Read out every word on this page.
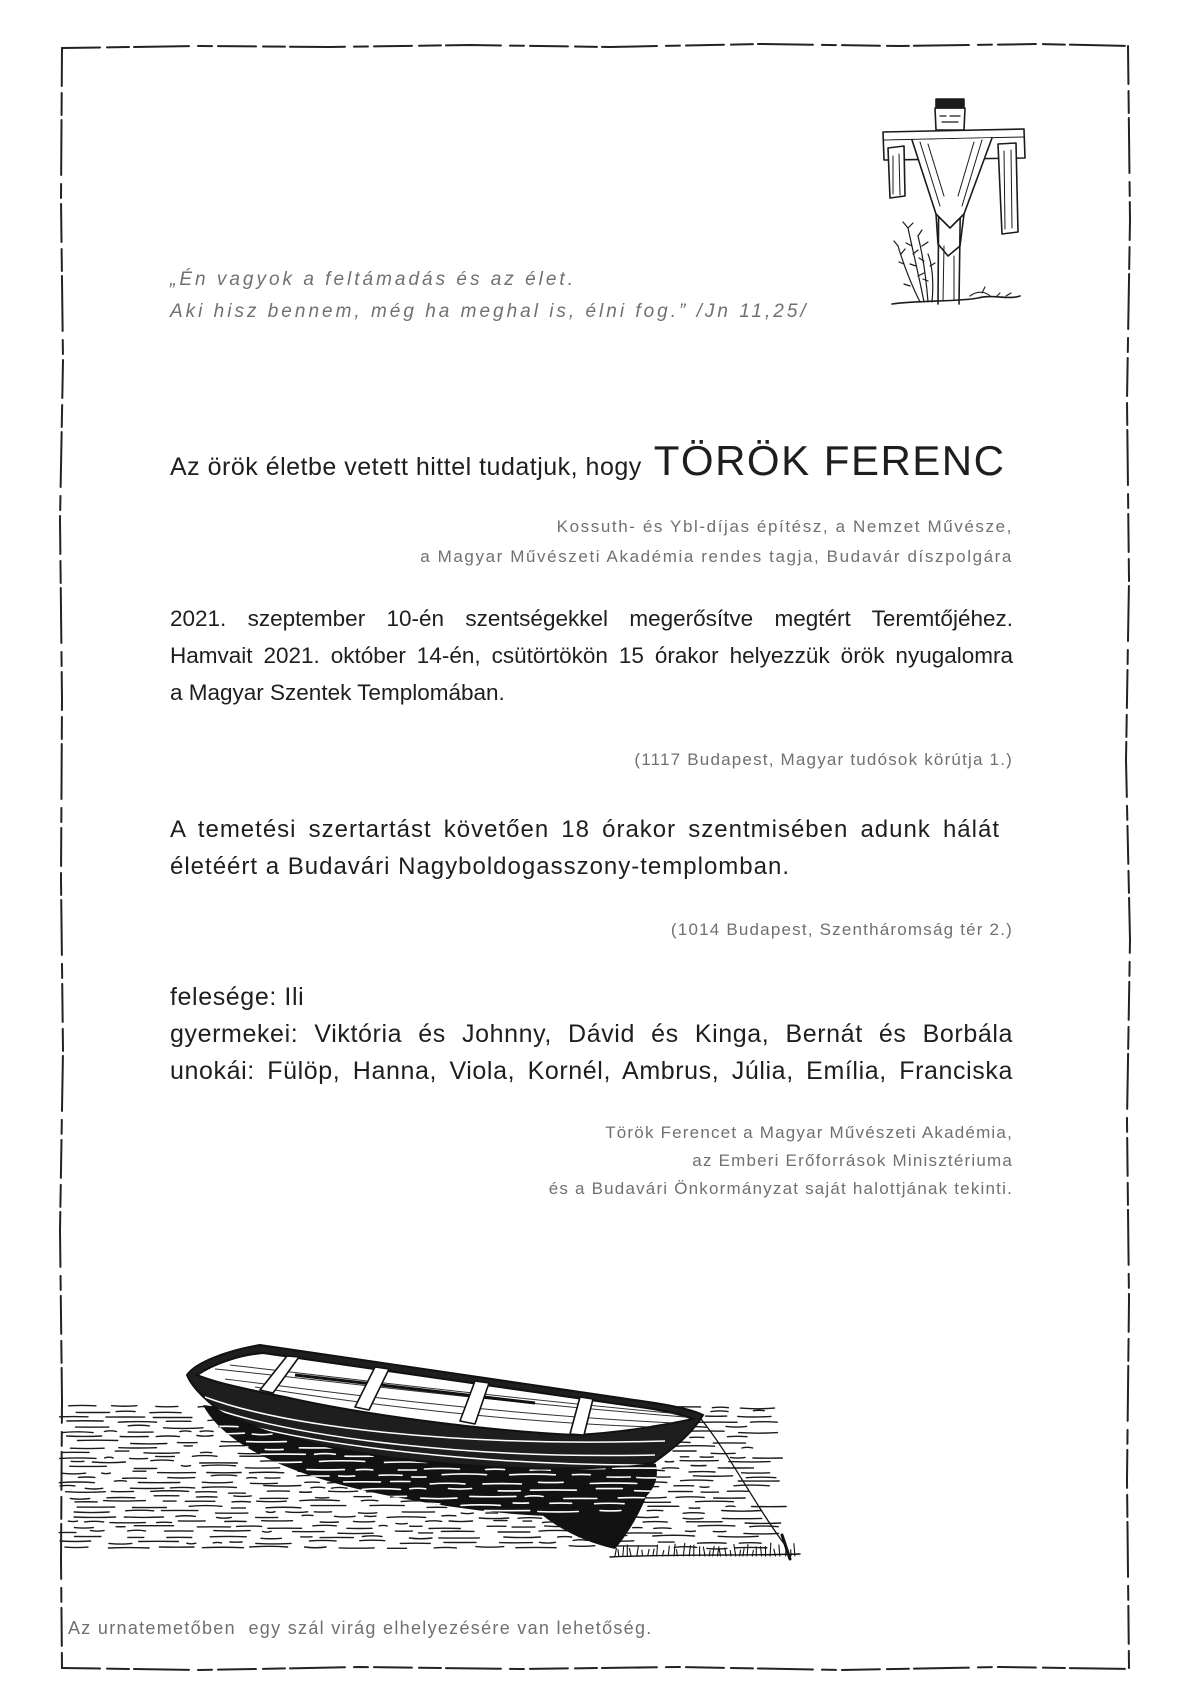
„Én vagyok a feltámadás és az élet.
Aki hisz bennem, még ha meghal is, élni fog.” /Jn 11,25/
Az örök életbe vetett hittel tudatjuk, hogy TÖRÖK FERENC
Kossuth- és Ybl-díjas építész, a Nemzet Művésze,
a Magyar Művészeti Akadémia rendes tagja, Budavár díszpolgára
2021. szeptember 10-én szentségekkel megerősítve megtért Teremtőjéhez.
Hamvait 2021. október 14-én, csütörtökön 15 órakor helyezzük örök nyugalomra
a Magyar Szentek Templomában.
(1117 Budapest, Magyar tudósok körútja 1.)
A temetési szertartást követően 18 órakor szentmisében adunk hálát
életéért a Budavári Nagyboldogasszony-templomban.
(1014 Budapest, Szentháromság tér 2.)
felesége: Ili
gyermekei: Viktória és Johnny, Dávid és Kinga, Bernát és Borbála
unokái: Fülöp, Hanna, Viola, Kornél, Ambrus, Júlia, Emília, Franciska
Török Ferencet a Magyar Művészeti Akadémia,
az Emberi Erőforrások Minisztériuma
és a Budavári Önkormányzat saját halottjának tekinti.
Az urnatemetőben  egy szál virág elhelyezésére van lehetőség.
